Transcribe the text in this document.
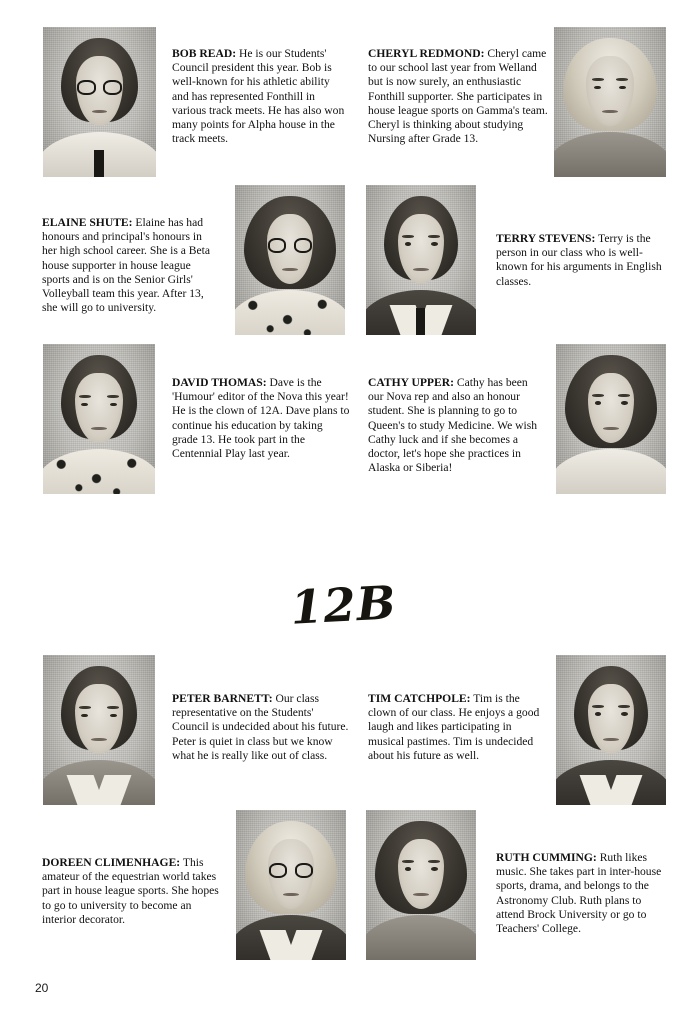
BOB READ: He is our Students' Council president this year. Bob is well-known for his athletic ability and has represented Fonthill in various track meets. He has also won many points for Alpha house in the track meets.
CHERYL REDMOND: Cheryl came to our school last year from Welland but is now surely, an enthusiastic Fonthill supporter. She participates in house league sports on Gamma's team. Cheryl is thinking about studying Nursing after Grade 13.
ELAINE SHUTE: Elaine has had honours and principal's honours in her high school career. She is a Beta house supporter in house league sports and is on the Senior Girls' Volleyball team this year. After 13, she will go to university.
TERRY STEVENS: Terry is the person in our class who is well-known for his arguments in English classes.
DAVID THOMAS: Dave is the 'Humour' editor of the Nova this year! He is the clown of 12A. Dave plans to continue his education by taking grade 13. He took part in the Centennial Play last year.
CATHY UPPER: Cathy has been our Nova rep and also an honour student. She is planning to go to Queen's to study Medicine. We wish Cathy luck and if she becomes a doctor, let's hope she practices in Alaska or Siberia!
12B
PETER BARNETT: Our class representative on the Students' Council is undecided about his future. Peter is quiet in class but we know what he is really like out of class.
TIM CATCHPOLE: Tim is the clown of our class. He enjoys a good laugh and likes participating in musical pastimes. Tim is undecided about his future as well.
DOREEN CLIMENHAGE: This amateur of the equestrian world takes part in house league sports. She hopes to go to university to become an interior decorator.
RUTH CUMMING: Ruth likes music. She takes part in inter-house sports, drama, and belongs to the Astronomy Club. Ruth plans to attend Brock University or go to Teachers' College.
20
